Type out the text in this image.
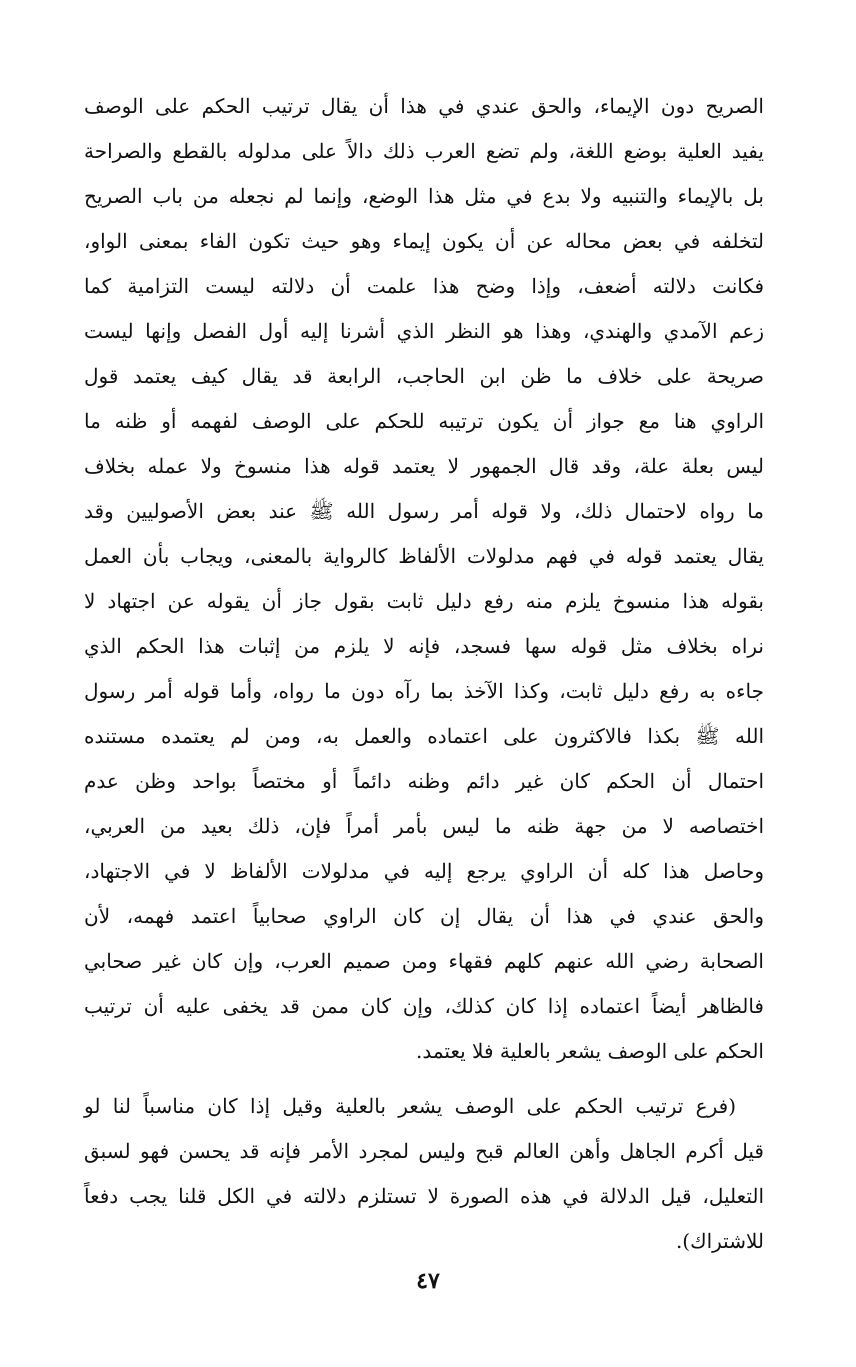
الصريح دون الإيماء، والحق عندي في هذا أن يقال ترتيب الحكم على الوصف
يفيد العلية بوضع اللغة، ولم تضع العرب ذلك دالاً على مدلوله بالقطع والصراحة
بل بالإيماء والتنبيه ولا بدع في مثل هذا الوضع، وإنما لم نجعله من باب الصريح
لتخلفه في بعض محاله عن أن يكون إيماء وهو حيث تكون الفاء بمعنى الواو،
فكانت دلالته أضعف، وإذا وضح هذا علمت أن دلالته ليست التزامية كما
زعم الآمدي والهندي، وهذا هو النظر الذي أشرنا إليه أول الفصل وإنها ليست
صريحة على خلاف ما ظن ابن الحاجب، الرابعة قد يقال كيف يعتمد قول
الراوي هنا مع جواز أن يكون ترتيبه للحكم على الوصف لفهمه أو ظنه ما
ليس بعلة علة، وقد قال الجمهور لا يعتمد قوله هذا منسوخ ولا عمله بخلاف
ما رواه لاحتمال ذلك، ولا قوله أمر رسول الله ﷺ عند بعض الأصوليين وقد
يقال يعتمد قوله في فهم مدلولات الألفاظ كالرواية بالمعنى، ويجاب بأن العمل
بقوله هذا منسوخ يلزم منه رفع دليل ثابت بقول جاز أن يقوله عن اجتهاد لا
نراه بخلاف مثل قوله سها فسجد، فإنه لا يلزم من إثبات هذا الحكم الذي
جاءه به رفع دليل ثابت، وكذا الآخذ بما رآه دون ما رواه، وأما قوله أمر رسول
الله ﷺ بكذا فالاكثرون على اعتماده والعمل به، ومن لم يعتمده مستنده
احتمال أن الحكم كان غير دائم وظنه دائماً أو مختصاً بواحد وظن عدم
اختصاصه لا من جهة ظنه ما ليس بأمر أمراً فإن، ذلك بعيد من العربي،
وحاصل هذا كله أن الراوي يرجع إليه في مدلولات الألفاظ لا في الاجتهاد،
والحق عندي في هذا أن يقال إن كان الراوي صحابياً اعتمد فهمه، لأن
الصحابة رضي الله عنهم كلهم فقهاء ومن صميم العرب، وإن كان غير صحابي
فالظاهر أيضاً اعتماده إذا كان كذلك، وإن كان ممن قد يخفى عليه أن ترتيب
الحكم على الوصف يشعر بالعلية فلا يعتمد.
(فرع ترتيب الحكم على الوصف يشعر بالعلية وقيل إذا كان مناسباً لنا لو
قيل أكرم الجاهل وأهن العالم قبح وليس لمجرد الأمر فإنه قد يحسن فهو لسبق
التعليل، قيل الدلالة في هذه الصورة لا تستلزم دلالته في الكل قلنا يجب دفعاً
للاشتراك).
٤٧
